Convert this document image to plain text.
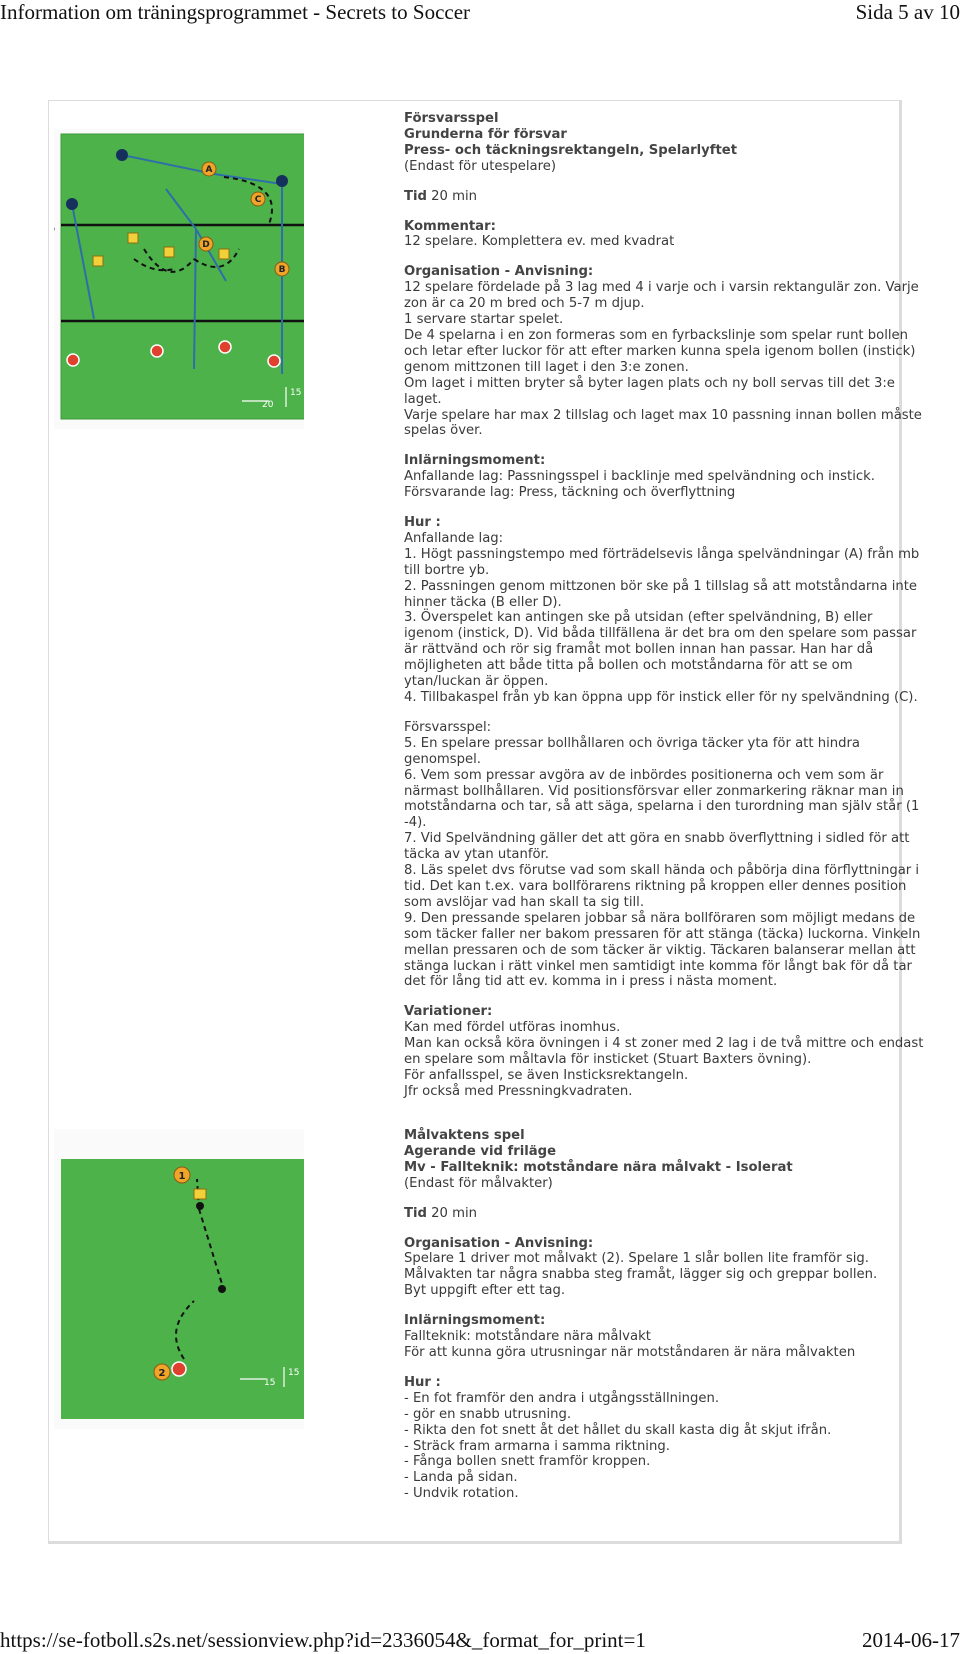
Information om träningsprogrammet - Secrets to Soccer	Sida 5 av 10
A
B
C
D
20
15

Försvarsspel

Grunderna för försvar

Press- och täckningsrektangeln, Spelarlyftet

(Endast för utespelare)

Tid 20 min

Kommentar:

12 spelare. Komplettera ev. med kvadrat

Organisation - Anvisning:

12 spelare fördelade på 3 lag med 4 i varje och i varsin rektangulär zon. Varje zon är ca 20 m bred och 5-7 m djup.

1 servare startar spelet.

De 4 spelarna i en zon formeras som en fyrbackslinje som spelar runt bollen och letar efter luckor för att efter marken kunna spela igenom bollen (instick) genom mittzonen till laget i den 3:e zonen.

Om laget i mitten bryter så byter lagen plats och ny boll servas till det 3:e laget.

Varje spelare har max 2 tillslag och laget max 10 passning innan bollen måste spelas över.

Inlärningsmoment:

Anfallande lag: Passningsspel i backlinje med spelvändning och instick.

Försvarande lag: Press, täckning och överflyttning

Hur :

Anfallande lag:

1. Högt passningstempo med förträdelsevis långa spelvändningar (A) från mb till bortre yb.

2. Passningen genom mittzonen bör ske på 1 tillslag så att motståndarna inte hinner täcka (B eller D).

3. Överspelet kan antingen ske på utsidan (efter spelvändning, B) eller igenom (instick, D). Vid båda tillfällena är det bra om den spelare som passar är rättvänd och rör sig framåt mot bollen innan han passar. Han har då möjligheten att både titta på bollen och motståndarna för att se om ytan/luckan är öppen.

4. Tillbakaspel från yb kan öppna upp för instick eller för ny spelvändning (C).

Försvarsspel:

5. En spelare pressar bollhållaren och övriga täcker yta för att hindra genomspel.

6. Vem som pressar avgöra av de inbördes positionerna och vem som är närmast bollhållaren. Vid positionsförsvar eller zonmarkering räknar man in motståndarna och tar, så att säga, spelarna i den turordning man själv står (1 -4).

7. Vid Spelvändning gäller det att göra en snabb överflyttning i sidled för att täcka av ytan utanför.

8. Läs spelet dvs förutse vad som skall hända och påbörja dina förflyttningar i tid. Det kan t.ex. vara bollförarens riktning på kroppen eller dennes position som avslöjar vad han skall ta sig till.

9. Den pressande spelaren jobbar så nära bollföraren som möjligt medans de som täcker faller ner bakom pressaren för att stänga (täcka) luckorna. Vinkeln mellan pressaren och de som täcker är viktig. Täckaren balanserar mellan att stänga luckan i rätt vinkel men samtidigt inte komma för långt bak för då tar det för lång tid att ev. komma in i press i nästa moment.

Variationer:

Kan med fördel utföras inomhus.

Man kan också köra övningen i 4 st zoner med 2 lag i de två mittre och endast en spelare som måltavla för insticket (Stuart Baxters övning).

För anfallsspel, se även Insticksrektangeln.

Jfr också med Pressningkvadraten.

1
2
15
15

Målvaktens spel

Agerande vid friläge

Mv - Fallteknik: motståndare nära målvakt - Isolerat

(Endast för målvakter)

Tid 20 min

Organisation - Anvisning:

Spelare 1 driver mot målvakt (2). Spelare 1 slår bollen lite framför sig.

Målvakten tar några snabba steg framåt, lägger sig och greppar bollen.

Byt uppgift efter ett tag.

Inlärningsmoment:

Fallteknik: motståndare nära målvakt

För att kunna göra utrusningar när motståndaren är nära målvakten

Hur :

- En fot framför den andra i utgångsställningen.

- gör en snabb utrusning.

- Rikta den fot snett åt det hållet du skall kasta dig åt skjut ifrån.

- Sträck fram armarna i samma riktning.

- Fånga bollen snett framför kroppen.

- Landa på sidan.

- Undvik rotation.

https://se-fotboll.s2s.net/sessionview.php?id=2336054&_format_for_print=1	2014-06-17
